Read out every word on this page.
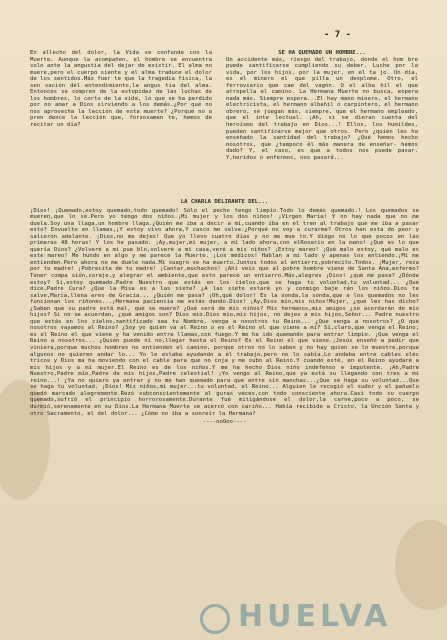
- 7 -
En allecho del dolor, la Vida se confunde con la Muerte. Aunque la acompañen, el hombre se encuentra solo ante la angustia del dejar de existir. El alma no muere,pero el cuerpo siente y el alma traduce el dolor de los sentidos.Más fuer te que la tragedia física, la sen sación del entendimiento,la angus tia del alma. Entonces se compren de la estupidez de las luchas de los hombres, lo corto de la vida, lo que se ha perdido por no amar a Dios sirviendo a los demás.¿Por qué no nos aprovecha la lección de esta muerte? ¿Porqué no a pren dence la lección que, forzosamen te, hemos de recitar un día?
SE HA QUEMADO UN HOMBRE...
Un accidente más, riesgo del trabajo, donde el hom bre puede santificarse cumpliendo su deber. Luche por la vida, por los hijos, por la mujer, en el ta jo. Un día, es el minero el que pilla un desplome. Otro, el ferroviario que cae del vagón. O el alba ñil el que atropella el camino. La Hermana Muerte no busca, espera nada más. Siempre espera...El hay mano minero, el hermano electricista, el hermano albañil o carpintero, el hermano obrero, se juegan más, siempre, que el hermano empleado, que el inte lectual. ¡Ah, si se dieran cuenta del heroísmo del trabajo en Dios...! Ellos, los humildes, pueden santificarse mejor que otros. Pero ¿quién les ha enseñado la santidad del trabajo? ¿Qué hemos hecho nosotros, que ¿tampoco él más manera de enseñar- hemos dado? Y, el caso, es que a todos nos puede pasar. Y,heridos o enfermos, nos pasará...
LA CHARLA DELIRANTE DEL...
¡Dios! ¡Quemado,estoy quemado,todo quemado! Sólo el pecho tengo limpio.Todo lo demás quemado.! Los quemados se mueren,que lo sé.Pero yo tengo dos niños.¡Mi mujer y los dos niños! ¡Virgen María! Y no hay nada que no me duela.Soy una llaga,un hombre llaga.¿Quién me iba a decir a mí,cuando iba en el tren al trabajo que me iba a pasar esto? Envuelto en llamas,¡Y estoy vivo ahora,Y casco me salve.¿Porqué no voy a curarme? Otros han esta do peor y salieron adelante. ¡Dios,no me dejes! Que yo llevo cuatro días y no me mue to.Y diego no lo que pocos en las primeras 48 horas! Y los he pasado. ¡Ay,mujer,mi mujer, a mi lado ahora,con elRosario en la mano! ¿Qué es lo que quería Dios? ¿Volveré a mi pue blo,volveré a mi casa,veré a mis niños? ¡Estoy mareo! ¡Qué malo estoy, qué malo es este mareo! Me hundo en algo y me parece la Muerte. ¡Los médicos! Hablan a mi lado y apenas los entiendo.¡Mi me entienden.Pero ahora no me duele nada.Mi suegro se ha muerto.Juntos todos al entierro,pobrecito.Todos. ¡Mujer, reza por tu madre! ¡Pobrecita de tu madre! ¡Cantar,muchachos! ¡Ahí veis que al pobre hombre viene de Santa Ana,enfermo? Tener compa sión,coraje,y alegrar el ambiente,que esto parece un entierro.Más,alegres ¡Dios! ¿qué me pasa? ¿Dónde estoy? Si,estoy quemado.Padre Nuestro que estás en los cielos,que se haga tu voluntad,tu voluntad... ¿Qué dice,Padre Cura? ¿Que la Misa es a las siete? ¿A las siete estaré yo y conmigo baje rán los niños.Dios te salve,María,llena eres de Gracia... ¿Quién me pasa? ¡Oh,qué dolor! Es la sonda,la sonda,que a los quemados no les funcionan los riñones...¡Hermana paciencia me estás dando.Dios! ¡Ay,Dios mío,mis niños!Mujer, ¿qué les has dicho? ¿Saben que su padre está mal, que se muere? ¿Qué será de mis niños? Mis hermanos,mis amigos ¿se acordarán de mis hijos? Si no se acuerdan, ¿qué amigos son? Dios mío,Dios mío,mis hijos, no dejes a mis hijos,Señor... Padre nuestro que estás en los cielos,santificado sea tu Nombre, venga a nosotros tu Reino... ¿Que venga a nosotros? ¿O que nosotros vayamos al Reino? ¿Soy yo quien va al Reino o es el Reino el que viene a mí? Sí,claro,que venga el Reino; es el Reino el que viene y ha venido entre llamas,con fuego.Y me ha ido quemando para entrar limpio. ¡Que venga el Reino a nosotros... ¿Quién puede ni no,llegar hasta el Reino? Es el Reino el que viene.¡Jesús enseñó a pedir que viniera,porque muchos hombres no entienden el camino, porque otros no lo saben y no hay quien se lo muestre,porque algunos no quieren andar lo... Yo le estaba ayudando a él trabajo,pero no lo sabía.Lo andaba entre cables eléc tricos y Dios ma ha moviendo con el cable para que no coja y me subo al Reino.Y cuando esté, en el Reino ayudaré a mis hijos y a mi mujer.El Reino es de los niños.Y me ha hecho Dios niño indefenso e impotente. ¡Ah,Padre Nuestro,Padre mío,Padre de mis hijos,Padre celestial! ¡Yo vengo al Reino,que ya está su llegando con tres a mi reino...! ¿Ya no quiero ya entrar y no me han quemado para que entre sin manchas...¿Que se haga su voluntad...Que se haga tu voluntad. ¡Dios! Mis niños,mi mujer...tu voluntad, el Reino... Alguien le recogió el sudor y el pañuelo quedó marcado alegremente.Rezó subconscientemente al guras veces,con todo consciente ahora.Casi todo su cuerpo quemado,sufrió el principio horrorosamente.Durante fué mitigándose el dolor,la carne,poco a poco, se durmió,serenamente en su Dios.La Hermana Muerte se acercó con cariño... Había recibido a Cristo, la Unción Santa y otro Sacramento, el del dolor... ¿Cómo no iba a sonreír la Hermana?
----ooOoo----
HUELVA
